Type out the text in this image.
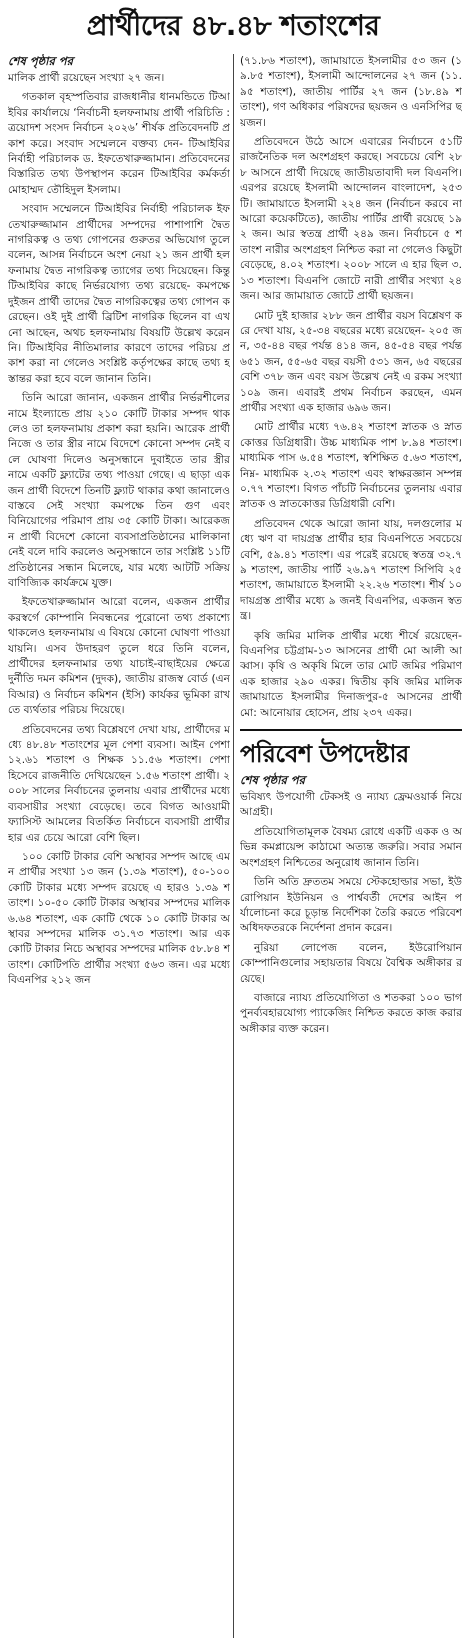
প্রার্থীদের ৪৮.৪৮ শতাংশের
শেষ পৃষ্ঠার পর

মালিক প্রার্থী রয়েছেন সংখ্যা ২৭ জন।

গতকাল বৃহস্পতিবার রাজধানীর ধানমন্ডিতে টিআইবির কার্যালয়ে ‘নির্বাচনী হলফনামায় প্রার্থী পরিচিতি : ত্রয়োদশ সংসদ নির্বাচন ২০২৬’ শীর্ষক প্রতিবেদনটি প্রকাশ করে। সংবাদ সম্মেলনে বক্তব্য দেন- টিআইবির নির্বাহী পরিচালক ড. ইফতেখারুজ্জামান। প্রতিবেদনের বিস্তারিত তথ্য উপস্থাপন করেন টিআইবির কর্মকর্তা মোহাম্মদ তৌহিদুল ইসলাম।

সংবাদ সম্মেলনে টিআইবির নির্বাহী পরিচালক ইফতেখারুজ্জামান প্রার্থীদের সম্পদের পাশাপাশি দ্বৈত নাগরিকত্ব ও তথ্য গোপনের গুরুতর অভিযোগ তুলে বলেন, আসন্ন নির্বাচনে অংশ নেয়া ২১ জন প্রার্থী হলফনামায় দ্বৈত নাগরিকত্ব ত্যাগের তথ্য দিয়েছেন। কিন্তু টিআইবির কাছে নির্ভরযোগ্য তথ্য রয়েছে- কমপক্ষে দুইজন প্রার্থী তাদের দ্বৈত নাগরিকত্বের তথ্য গোপন করেছেন। ওই দুই প্রার্থী ব্রিটিশ নাগরিক ছিলেন বা এখনো আছেন, অথচ হলফনামায় বিষয়টি উল্লেখ করেননি। টিআইবির নীতিমালার কারণে তাদের পরিচয় প্রকাশ করা না গেলেও সংশ্লিষ্ট কর্তৃপক্ষের কাছে তথ্য হস্তান্তর করা হবে বলে জানান তিনি।

তিনি আরো জানান, একজন প্রার্থীর নির্ভরশীলের নামে ইংল্যান্ডে প্রায় ২১০ কোটি টাকার সম্পদ থাকলেও তা হলফনামায় প্রকাশ করা হয়নি। আরেক প্রার্থী নিজে ও তার স্ত্রীর নামে বিদেশে কোনো সম্পদ নেই বলে ঘোষণা দিলেও অনুসন্ধানে দুবাইতে তার স্ত্রীর নামে একটি ফ্ল্যাটের তথ্য পাওয়া গেছে। এ ছাড়া একজন প্রার্থী বিদেশে তিনটি ফ্ল্যাট থাকার কথা জানালেও বাস্তবে সেই সংখ্যা কমপক্ষে তিন গুণ এবং বিনিয়োগের পরিমাণ প্রায় ৩৫ কোটি টাকা। আরেকজন প্রার্থী বিদেশে কোনো ব্যবসাপ্রতিষ্ঠানের মালিকানা নেই বলে দাবি করলেও অনুসন্ধানে তার সংশ্লিষ্ট ১১টি প্রতিষ্ঠানের সন্ধান মিলেছে, যার মধ্যে আটটি সক্রিয় বাণিজ্যিক কার্যক্রমে যুক্ত।

ইফতেখারুজ্জামান আরো বলেন, একজন প্রার্থীর করস্বর্গে কোম্পানি নিবন্ধনের পুরোনো তথ্য প্রকাশ্যে থাকলেও হলফনামায় এ বিষয়ে কোনো ঘোষণা পাওয়া যায়নি। এসব উদাহরণ তুলে ধরে তিনি বলেন, প্রার্থীদের হলফনামার তথ্য যাচাই-বাছাইয়ের ক্ষেত্রে দুর্নীতি দমন কমিশন (দুদক), জাতীয় রাজস্ব বোর্ড (এনবিআর) ও নির্বাচন কমিশন (ইসি) কার্যকর ভূমিকা রাখতে ব্যর্থতার পরিচয় দিয়েছে।

প্রতিবেদনের তথ্য বিশ্লেষণে দেখা যায়, প্রার্থীদের মধ্যে ৪৮.৪৮ শতাংশের মূল পেশা ব্যবসা। আইন পেশা ১২.৬১ শতাংশ ও শিক্ষক ১১.৫৬ শতাংশ। পেশা হিসেবে রাজনীতি দেখিয়েছেন ১.৫৬ শতাংশ প্রার্থী। ২০০৮ সালের নির্বাচনের তুলনায় এবার প্রার্থীদের মধ্যে ব্যবসায়ীর সংখ্যা বেড়েছে। তবে বিগত আওয়ামী ফ্যাসিস্ট আমলের বিতর্কিত নির্বাচনে ব্যবসায়ী প্রার্থীর হার এর চেয়ে আরো বেশি ছিল।

১০০ কোটি টাকার বেশি অস্থাবর সম্পদ আছে এমন প্রার্থীর সংখ্যা ১৩ জন (১.৩৯ শতাংশ), ৫০-১০০ কোটি টাকার মধ্যে সম্পদ রয়েছে এ হারও ১.৩৯ শতাংশ। ১০-৫০ কোটি টাকার অস্থাবর সম্পদের মালিক ৬.৬৪ শতাংশ, এক কোটি থেকে ১০ কোটি টাকার অস্থাবর সম্পদের মালিক ৩১.৭৩ শতাংশ। আর এক কোটি টাকার নিচে অস্থাবর সম্পদের মালিক ৫৮.৮৪ শতাংশ। কোটিপতি প্রার্থীর সংখ্যা ৫৬৩ জন। এর মধ্যে বিএনপির ২১২ জন

(৭১.৮৬ শতাংশ), জামায়াতে ইসলামীর ৫৩ জন (১৯.৮৫ শতাংশ), ইসলামী আন্দোলনের ২৭ জন (১১.৯৫ শতাংশ), জাতীয় পার্টির ২৭ জন (১৮.৪৯ শতাংশ), গণ অধিকার পরিষদের ছয়জন ও এনসিপির ছয়জন।

প্রতিবেদনে উঠে আসে এবারের নির্বাচনে ৫১টি রাজনৈতিক দল অংশগ্রহণ করছে। সবচেয়ে বেশি ২৮৮ আসনে প্রার্থী দিয়েছে জাতীয়তাবাদী দল বিএনপি। এরপর রয়েছে ইসলামী আন্দোলন বাংলাদেশ, ২৫৩টি। জামায়াতে ইসলামী ২২৪ জন (নির্বাচন করবে না আরো কয়েকটিতে), জাতীয় পার্টির প্রার্থী রয়েছে ১৯২ জন। আর স্বতন্ত্র প্রার্থী ২৪৯ জন। নির্বাচনে ৫ শতাংশ নারীর অংশগ্রহণ নিশ্চিত করা না গেলেও কিছুটা বেড়েছে, ৪.০২ শতাংশ। ২০০৮ সালে এ হার ছিল ৩.১৩ শতাংশ। বিএনপি জোটে নারী প্রার্থীর সংখ্যা ২৪ জন। আর জামায়াত জোটে প্রার্থী ছয়জন।

মোট দুই হাজার ২৮৮ জন প্রার্থীর বয়স বিশ্লেষণ করে দেখা যায়, ২৫-৩৪ বছরের মধ্যে রয়েছেন- ২০৫ জন, ৩৫-৪৪ বছর পর্যন্ত ৪১৪ জন, ৪৫-৫৪ বছর পর্যন্ত ৬৫১ জন, ৫৫-৬৫ বছর বয়সী ৫৩১ জন, ৬৫ বছরের বেশি ৩৭৮ জন এবং বয়স উল্লেখ নেই এ রকম সংখ্যা ১০৯ জন। এবারই প্রথম নির্বাচন করছেন, এমন প্রার্থীর সংখ্যা এক হাজার ৬৯৬ জন।

মোট প্রার্থীর মধ্যে ৭৬.৪২ শতাংশ স্নাতক ও স্নাতকোত্তর ডিগ্রিধারী। উচ্চ মাধ্যমিক পাশ ৮.৯৪ শতাংশ। মাধ্যমিক পাস ৬.৫৪ শতাংশ, স্বশিক্ষিত ৫.৬৩ শতাংশ, নিম্ন- মাধ্যমিক ২.৩২ শতাংশ এবং স্বাক্ষরজ্ঞান সম্পন্ন ০.৭৭ শতাংশ। বিগত পাঁচটি নির্বাচনের তুলনায় এবার স্নাতক ও স্নাতকোত্তর ডিগ্রিধারী বেশি।

প্রতিবেদন থেকে আরো জানা যায়, দলগুলোর মধ্যে ঋণ বা দায়গ্রস্ত প্রার্থীর হার বিএনপিতে সবচেয়ে বেশি, ৫৯.৪১ শতাংশ। এর পরেই রয়েছে স্বতন্ত্র ৩২.৭৯ শতাংশ, জাতীয় পার্টি ২৬.৯৭ শতাংশ সিপিবি ২৫ শতাংশ, জামায়াতে ইসলামী ২২.২৬ শতাংশ। শীর্ষ ১০ দায়গ্রস্ত প্রার্থীর মধ্যে ৯ জনই বিএনপির, একজন স্বতন্ত্র।

কৃষি জমির মালিক প্রার্থীর মধ্যে শীর্ষে রয়েছেন- বিএনপির চট্টগ্রাম-১৩ আসনের প্রার্থী মো আলী আব্বাস। কৃষি ও অকৃষি মিলে তার মোট জমির পরিমাণ এক হাজার ২৯০ একর। দ্বিতীয় কৃষি জমির মালিক জামায়াতে ইসলামীর দিনাজপুর-৫ আসনের প্রার্থী মো: আনোয়ার হোসেন, প্রায় ২৩৭ একর।

পরিবেশ উপদেষ্টার
শেষ পৃষ্ঠার পর

ভবিষ্যৎ উপযোগী টেকসই ও ন্যায্য ফ্রেমওয়ার্ক নিয়ে আগ্রহী।

প্রতিযোগিতামূলক বৈষম্য রোধে একটি একক ও অভিন্ন কমপ্লায়েন্স কাঠামো অত্যন্ত জরুরি। সবার সমান অংশগ্রহণ নিশ্চিতের অনুরোধ জানান তিনি।

তিনি অতি দ্রুততম সময়ে স্টেকহোল্ডার সভা, ইউরোপিয়ান ইউনিয়ন ও পার্শ্ববর্তী দেশের আইন পর্যালোচনা করে চূড়ান্ত নির্দেশিকা তৈরি করতে পরিবেশ অধিদফতরকে নির্দেশনা প্রদান করেন।

নুরিয়া লোপেজ বলেন, ইউরোপিয়ান কোম্পানিগুলোর সহায়তার বিষয়ে বৈশ্বিক অঙ্গীকার রয়েছে।

বাজারে ন্যায্য প্রতিযোগিতা ও শতকরা ১০০ ভাগ পুনর্ব্যবহারযোগ্য প্যাকেজিং নিশ্চিত করতে কাজ করার অঙ্গীকার ব্যক্ত করেন।
